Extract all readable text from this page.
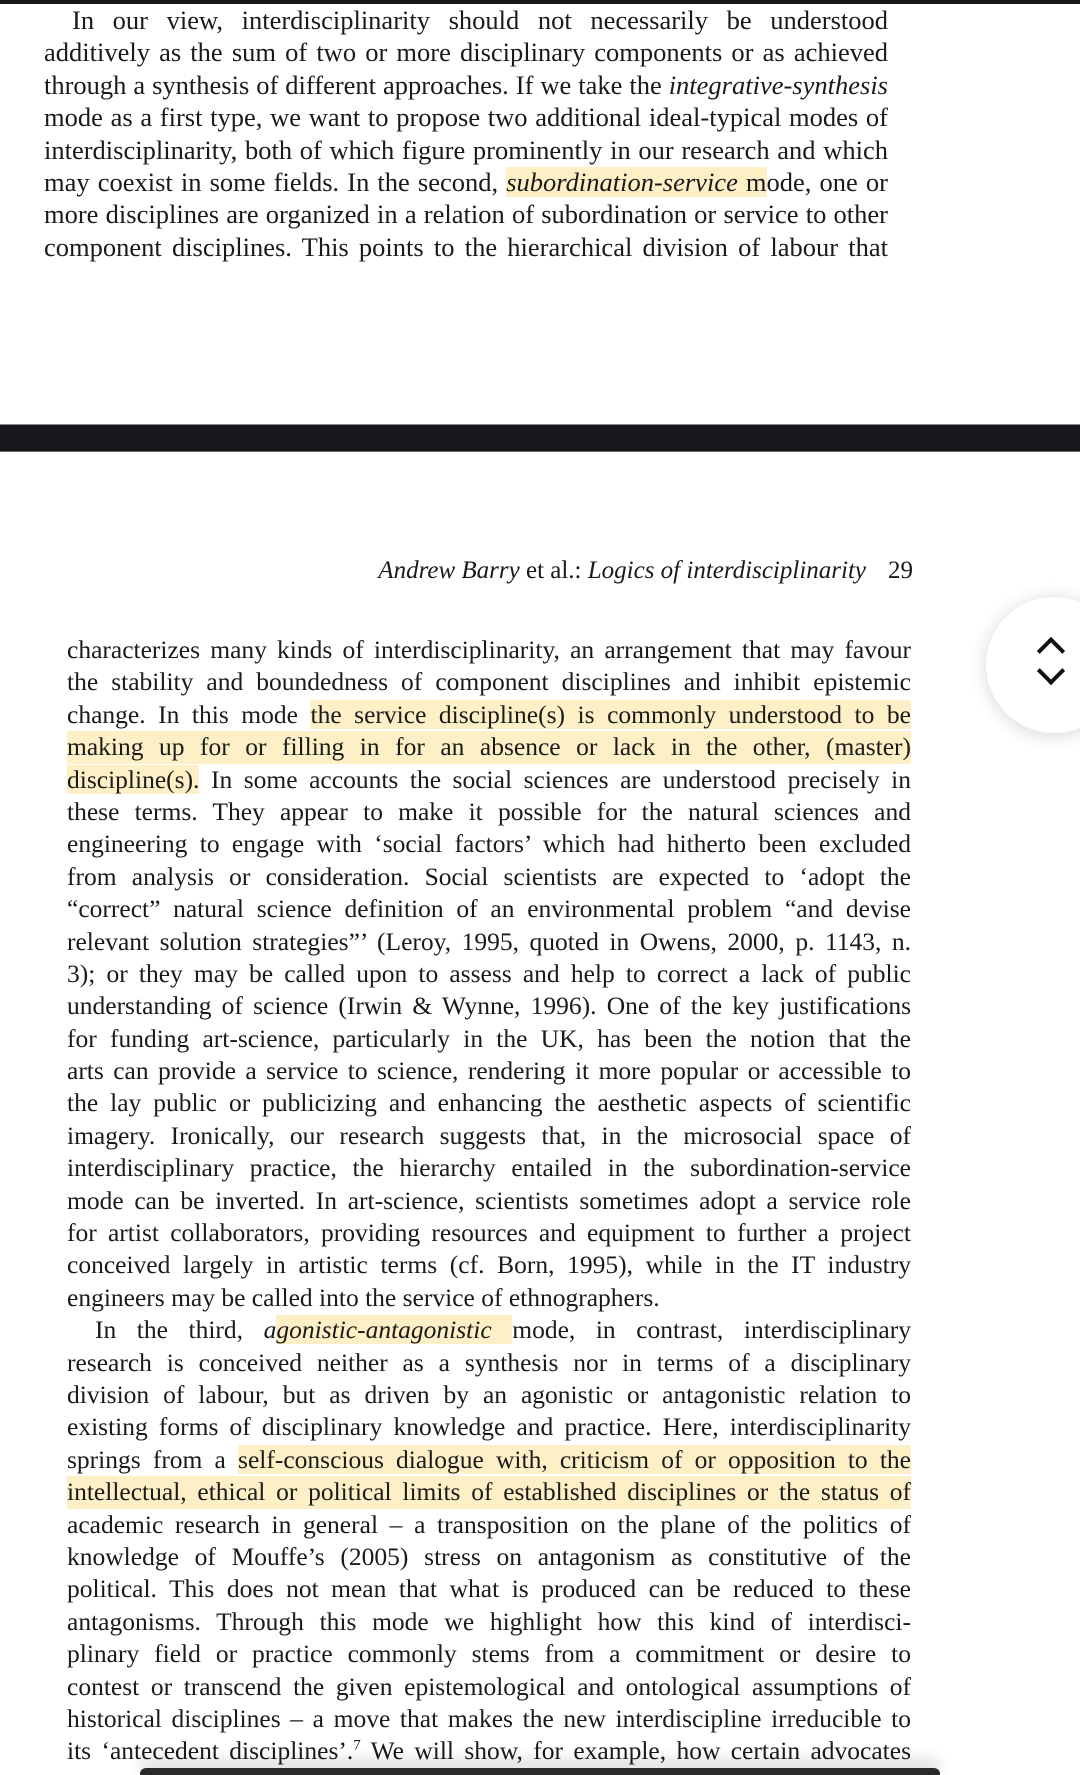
In our view, interdisciplinarity should not necessarily be understood
additively as the sum of two or more disciplinary components or as achieved
through a synthesis of different approaches. If we take the integrative-synthesis
mode as a first type, we want to propose two additional ideal-typical modes of
interdisciplinarity, both of which figure prominently in our research and which
may coexist in some fields. In the second, subordination-service mode, one or
more disciplines are organized in a relation of subordination or service to other
component disciplines. This points to the hierarchical division of labour that
Andrew Barry et al.: Logics of interdisciplinarity 29
characterizes many kinds of interdisciplinarity, an arrangement that may favour
the stability and boundedness of component disciplines and inhibit epistemic
change. In this mode the service discipline(s) is commonly understood to be
making up for or filling in for an absence or lack in the other, (master)
discipline(s). In some accounts the social sciences are understood precisely in
these terms. They appear to make it possible for the natural sciences and
engineering to engage with ‘social factors’ which had hitherto been excluded
from analysis or consideration. Social scientists are expected to ‘adopt the
“correct” natural science definition of an environmental problem “and devise
relevant solution strategies”’ (Leroy, 1995, quoted in Owens, 2000, p. 1143, n.
3); or they may be called upon to assess and help to correct a lack of public
understanding of science (Irwin & Wynne, 1996). One of the key justifications
for funding art-science, particularly in the UK, has been the notion that the
arts can provide a service to science, rendering it more popular or accessible to
the lay public or publicizing and enhancing the aesthetic aspects of scientific
imagery. Ironically, our research suggests that, in the microsocial space of
interdisciplinary practice, the hierarchy entailed in the subordination-service
mode can be inverted. In art-science, scientists sometimes adopt a service role
for artist collaborators, providing resources and equipment to further a project
conceived largely in artistic terms (cf. Born, 1995), while in the IT industry
engineers may be called into the service of ethnographers.
In the third, agonistic-antagonistic mode, in contrast, interdisciplinary
research is conceived neither as a synthesis nor in terms of a disciplinary
division of labour, but as driven by an agonistic or antagonistic relation to
existing forms of disciplinary knowledge and practice. Here, interdisciplinarity
springs from a self-conscious dialogue with, criticism of or opposition to the
intellectual, ethical or political limits of established disciplines or the status of
academic research in general – a transposition on the plane of the politics of
knowledge of Mouffe’s (2005) stress on antagonism as constitutive of the
political. This does not mean that what is produced can be reduced to these
antagonisms. Through this mode we highlight how this kind of interdisci-
plinary field or practice commonly stems from a commitment or desire to
contest or transcend the given epistemological and ontological assumptions of
historical disciplines – a move that makes the new interdiscipline irreducible to
its ‘antecedent disciplines’.$^7$ We will show, for example, how certain advocates
